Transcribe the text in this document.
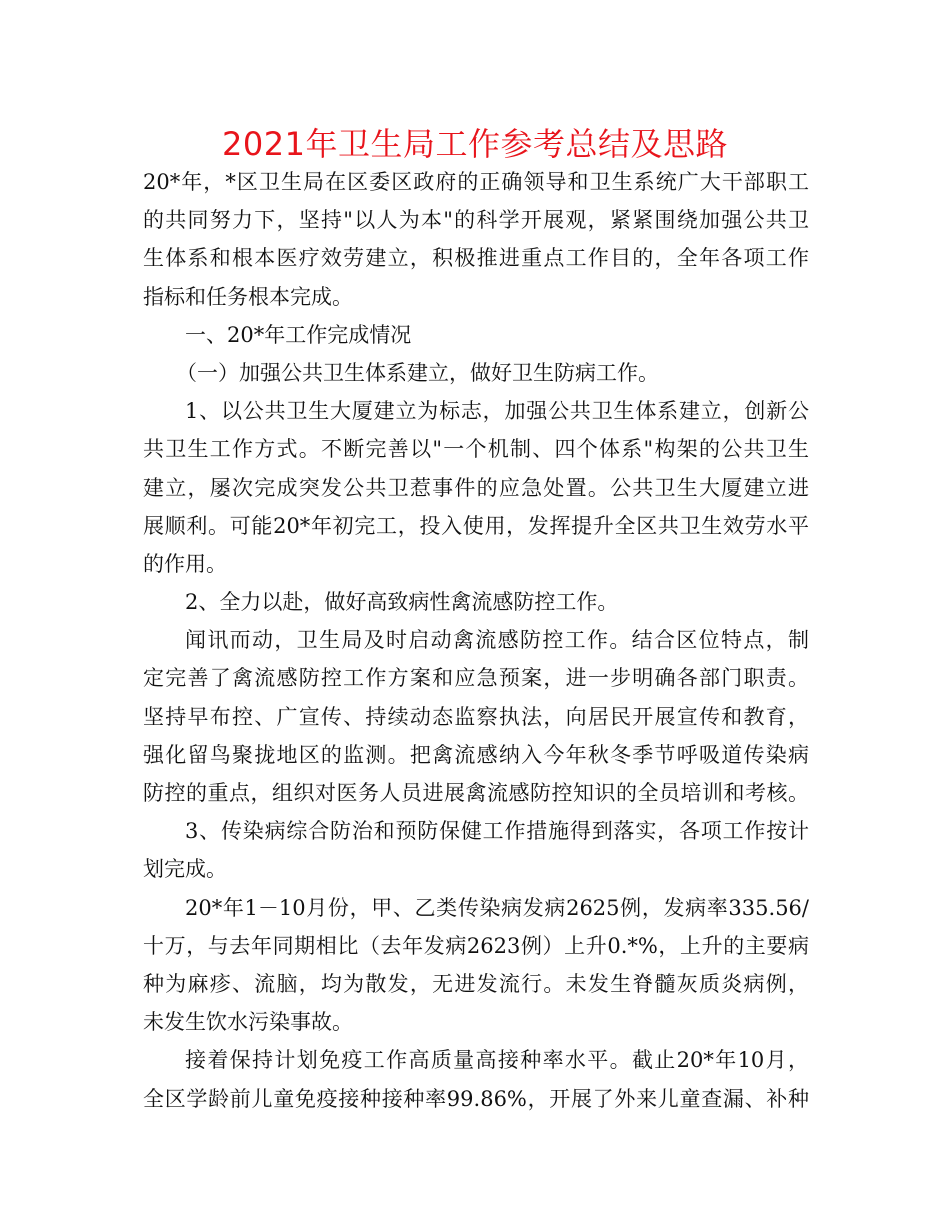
2021年卫生局工作参考总结及思路
20*年，*区卫生局在区委区政府的正确领导和卫生系统广大干部职工
的共同努力下，坚持"以人为本"的科学开展观，紧紧围绕加强公共卫
生体系和根本医疗效劳建立，积极推进重点工作目的，全年各项工作
指标和任务根本完成。
一、20*年工作完成情况
（一）加强公共卫生体系建立，做好卫生防病工作。
1、以公共卫生大厦建立为标志，加强公共卫生体系建立，创新公
共卫生工作方式。不断完善以"一个机制、四个体系"构架的公共卫生
建立，屡次完成突发公共卫惹事件的应急处置。公共卫生大厦建立进
展顺利。可能20*年初完工，投入使用，发挥提升全区共卫生效劳水平
的作用。
2、全力以赴，做好高致病性禽流感防控工作。
闻讯而动，卫生局及时启动禽流感防控工作。结合区位特点，制
定完善了禽流感防控工作方案和应急预案，进一步明确各部门职责。
坚持早布控、广宣传、持续动态监察执法，向居民开展宣传和教育，
强化留鸟聚拢地区的监测。把禽流感纳入今年秋冬季节呼吸道传染病
防控的重点，组织对医务人员进展禽流感防控知识的全员培训和考核。
3、传染病综合防治和预防保健工作措施得到落实，各项工作按计
划完成。
20*年1－10月份，甲、乙类传染病发病2625例，发病率335.56/
十万，与去年同期相比（去年发病2623例）上升0.*%，上升的主要病
种为麻疹、流脑，均为散发，无进发流行。未发生脊髓灰质炎病例，
未发生饮水污染事故。
接着保持计划免疫工作高质量高接种率水平。截止20*年10月，
全区学龄前儿童免疫接种接种率99.86%，开展了外来儿童查漏、补种
